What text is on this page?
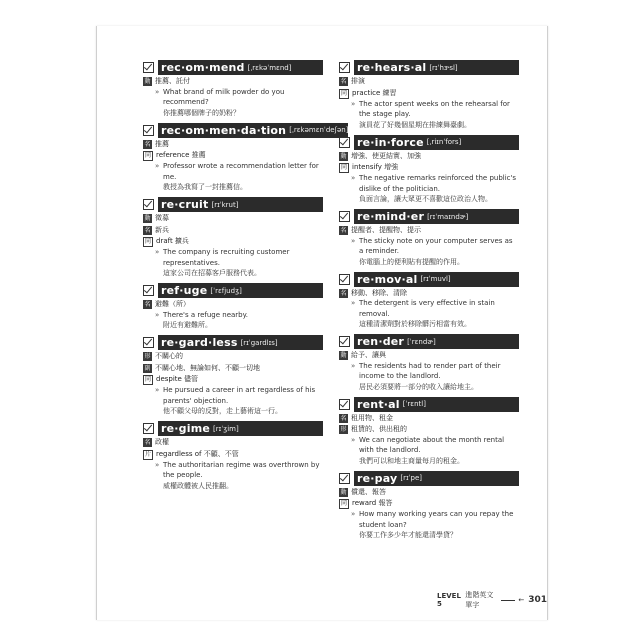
rec·om·mend [ˌrɛkəˈmɛnd]
動 推薦、託付
» What brand of milk powder do you recommend?
你推薦哪個牌子的奶粉？
rec·om·men·da·tion [ˌrɛkəmɛnˈdeʃən]
名 推薦
同 reference 推薦
» Professor wrote a recommendation letter for me.
教授為我寫了一封推薦信。
re·cruit [rɪˈkrut]
動 徵募
名 新兵
同 draft 擴兵
» The company is recruiting customer representatives.
這家公司在招募客戶服務代表。
ref·uge [ˈrɛfjudʒ]
名 避難（所）
» There's a refuge nearby.
附近有避難所。
re·gard·less [rɪˈgardlɪs]
形 不關心的
副 不關心地、無論如何、不顧一切地
同 despite 儘管
» He pursued a career in art regardless of his parents' objection.
他不顧父母的反對，走上藝術這一行。
re·gime [rɪˈʒim]
名 政權
片 regardless of 不顧、不管
» The authoritarian regime was overthrown by the people.
威權政體被人民推翻。
re·hears·al [rɪˈhɝsl]
名 排演
同 practice 練習
» The actor spent weeks on the rehearsal for the stage play.
演員花了好幾個星期在排練舞臺劇。
re·in·force [ˌriɪnˈfors]
動 增強、使更結實、加強
同 intensify 增強
» The negative remarks reinforced the public's dislike of the politician.
負面言論，讓大眾更不喜歡這位政治人物。
re·mind·er [rɪˈmaɪndɚ]
名 提醒者、提醒物、提示
» The sticky note on your computer serves as a reminder.
你電腦上的便利貼有提醒的作用。
re·mov·al [rɪˈmuvl]
名 移動、移除、清除
» The detergent is very effective in stain removal.
這種清潔劑對於移除髒污相當有效。
ren·der [ˈrɛndɚ]
動 給予、讓與
» The residents had to render part of their income to the landlord.
居民必須要將一部分的收入讓給地主。
rent·al [ˈrɛntl]
名 租用物、租金
形 租賃的、供出租的
» We can negotiate about the month rental with the landlord.
我們可以和地主商量每月的租金。
re·pay [rɪˈpe]
動 償還、報答
同 reward 報答
» How many working years can you repay the student loan?
你要工作多少年才能還清學貸？
LEVEL 5
進階英文單字
← 301
